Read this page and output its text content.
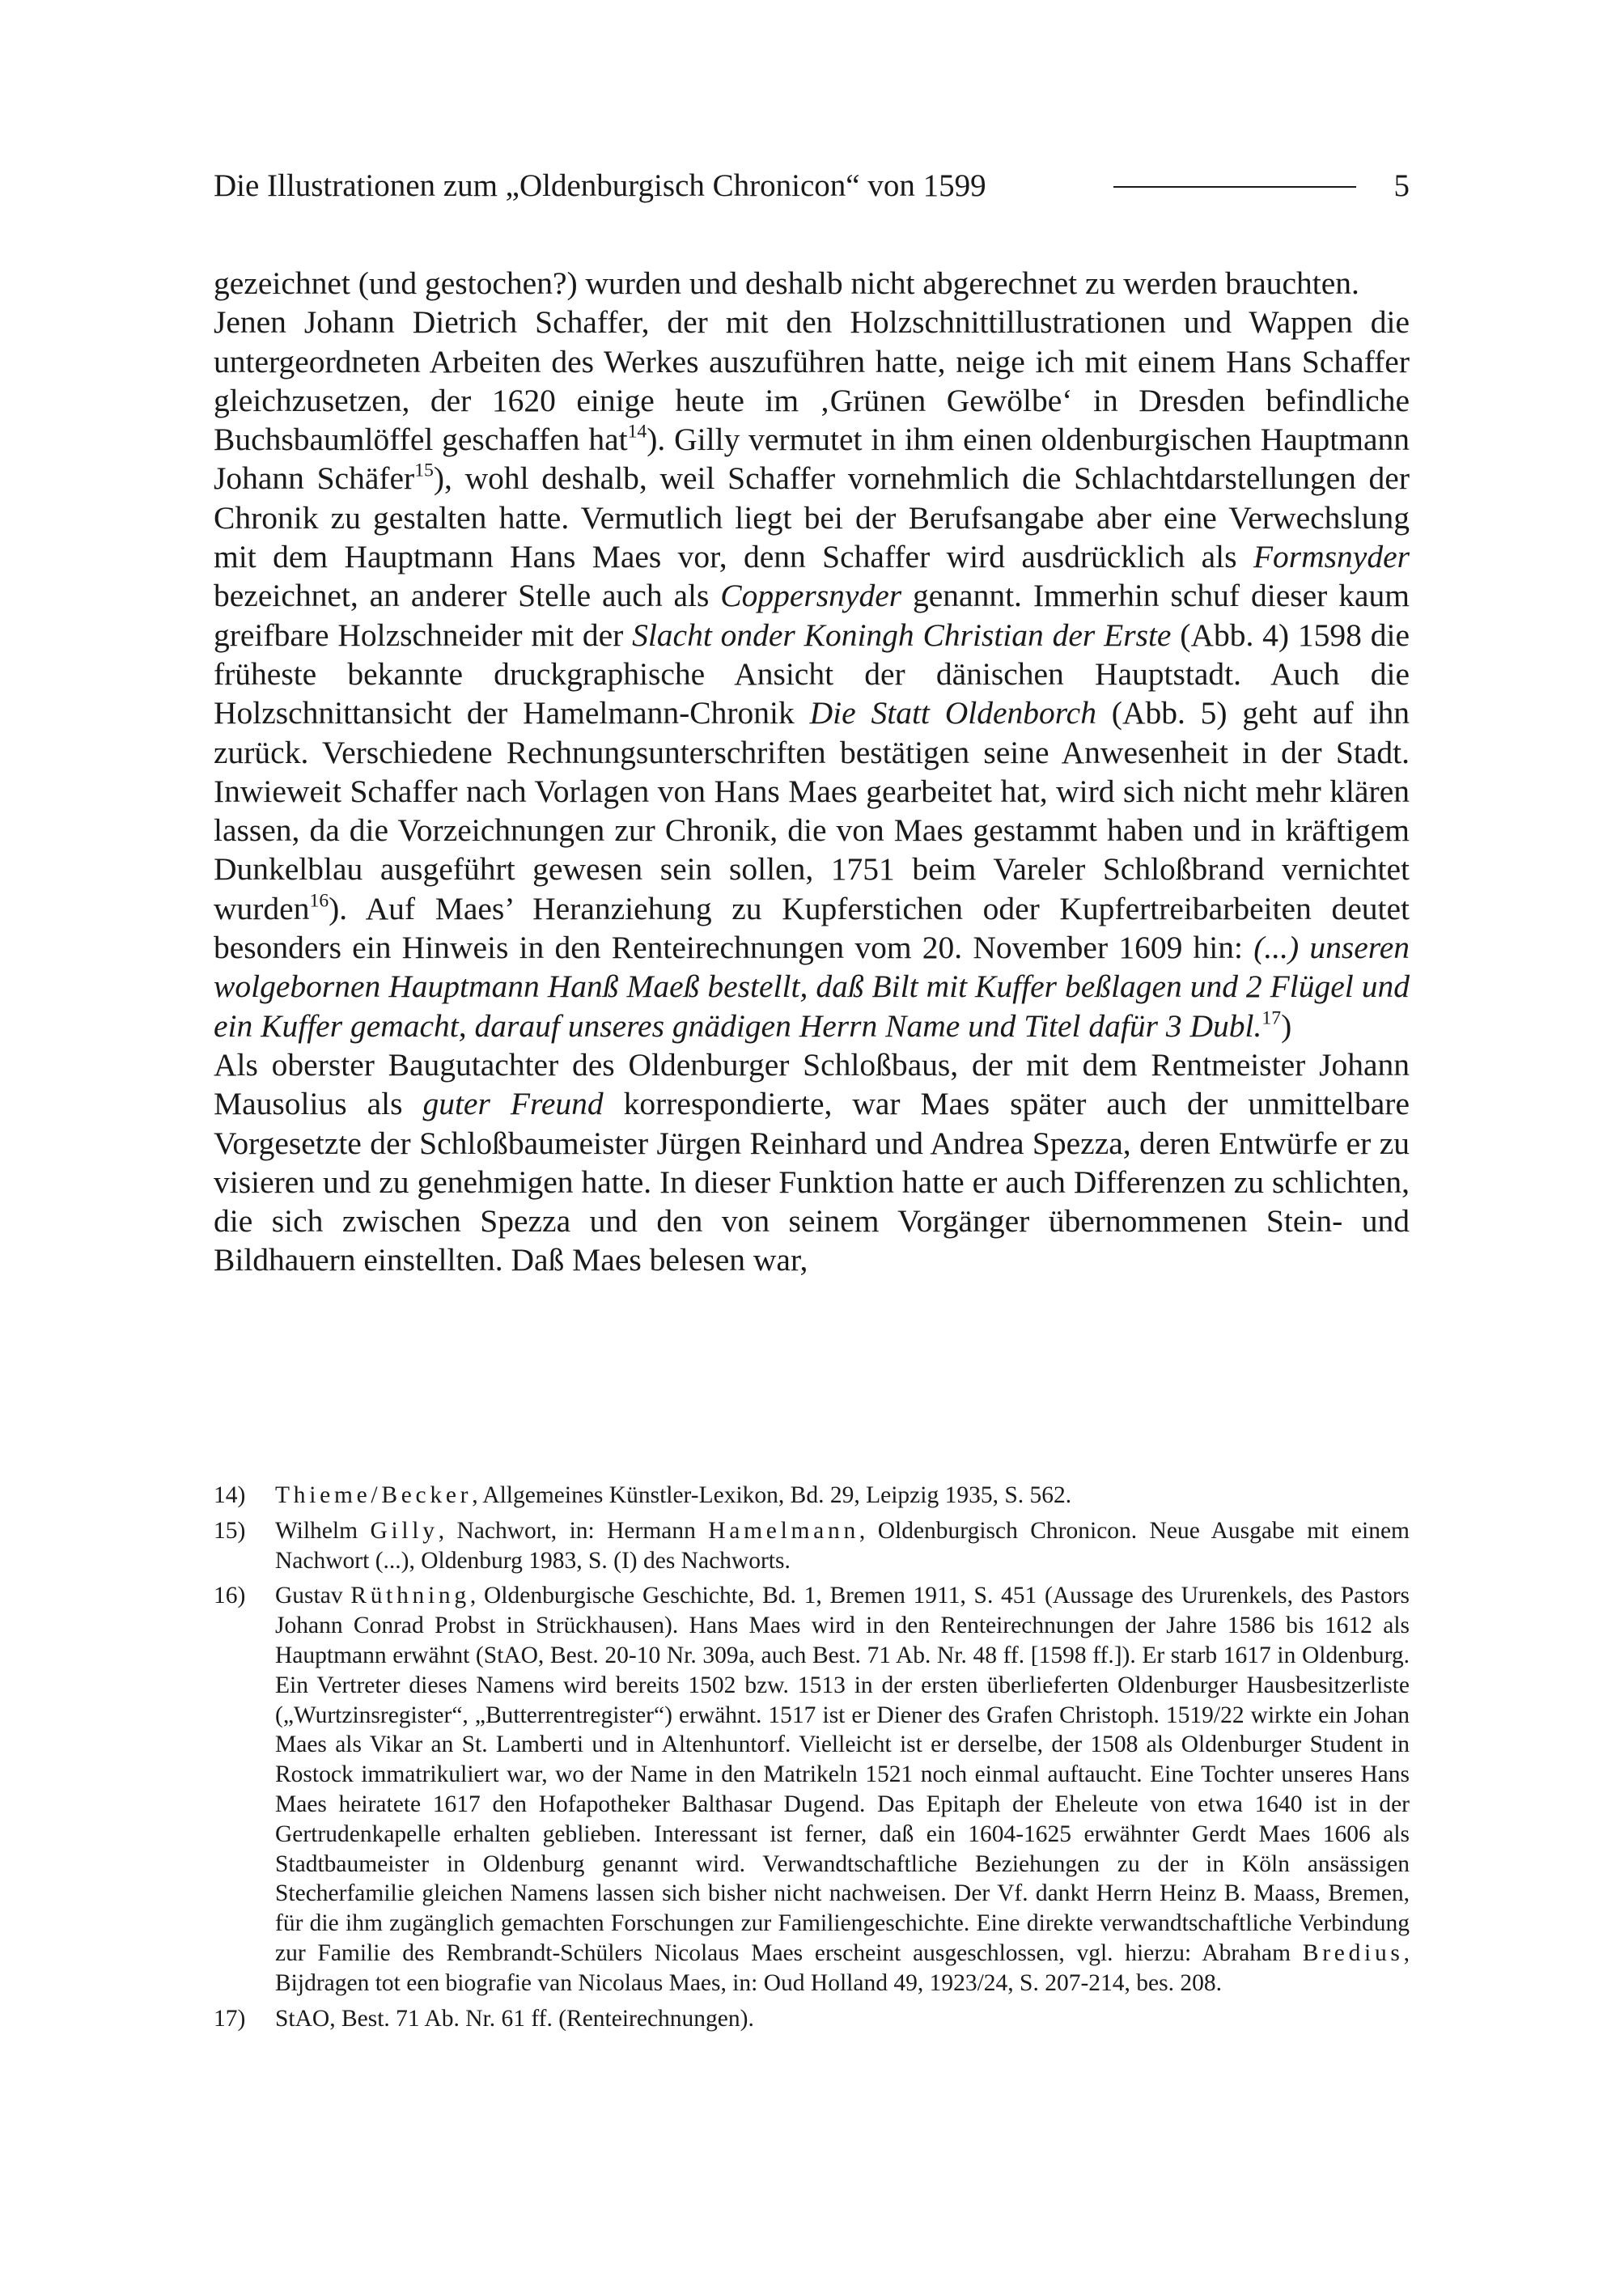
Die Illustrationen zum „Oldenburgisch Chronicon“ von 1599	5

gezeichnet (und gestochen?) wurden und deshalb nicht abgerechnet zu werden brauchten.

Jenen Johann Dietrich Schaffer, der mit den Holzschnittillustrationen und Wappen die untergeordneten Arbeiten des Werkes auszuführen hatte, neige ich mit einem Hans Schaffer gleichzusetzen, der 1620 einige heute im ‚Grünen Gewölbe‘ in Dresden befindliche Buchsbaumlöffel geschaffen hat$^{14}$). Gilly vermutet in ihm einen oldenburgischen Hauptmann Johann Schäfer$^{15}$), wohl deshalb, weil Schaffer vornehmlich die Schlachtdarstellungen der Chronik zu gestalten hatte. Vermutlich liegt bei der Berufsangabe aber eine Verwechslung mit dem Hauptmann Hans Maes vor, denn Schaffer wird ausdrücklich als Formsnyder bezeichnet, an anderer Stelle auch als Coppersnyder genannt. Immerhin schuf dieser kaum greifbare Holzschneider mit der Slacht onder Koningh Christian der Erste (Abb. 4) 1598 die früheste bekannte druckgraphische Ansicht der dänischen Hauptstadt. Auch die Holzschnittansicht der Hamelmann-Chronik Die Statt Oldenborch (Abb. 5) geht auf ihn zurück. Verschiedene Rechnungsunterschriften bestätigen seine Anwesenheit in der Stadt. Inwieweit Schaffer nach Vorlagen von Hans Maes gearbeitet hat, wird sich nicht mehr klären lassen, da die Vorzeichnungen zur Chronik, die von Maes gestammt haben und in kräftigem Dunkelblau ausgeführt gewesen sein sollen, 1751 beim Vareler Schloßbrand vernichtet wurden$^{16}$). Auf Maes’ Heranziehung zu Kupferstichen oder Kupfertreibarbeiten deutet besonders ein Hinweis in den Renteirechnungen vom 20. November 1609 hin: (...) unseren wolgebornen Hauptmann Hanß Maeß bestellt, daß Bilt mit Kuffer beßlagen und 2 Flügel und ein Kuffer gemacht, darauf unseres gnädigen Herrn Name und Titel dafür 3 Dubl.$^{17}$)

Als oberster Baugutachter des Oldenburger Schloßbaus, der mit dem Rentmeister Johann Mausolius als guter Freund korrespondierte, war Maes später auch der unmittelbare Vorgesetzte der Schloßbaumeister Jürgen Reinhard und Andrea Spezza, deren Entwürfe er zu visieren und zu genehmigen hatte. In dieser Funktion hatte er auch Differenzen zu schlichten, die sich zwischen Spezza und den von seinem Vorgänger übernommenen Stein- und Bildhauern einstellten. Daß Maes belesen war,

14) Thieme/Becker, Allgemeines Künstler-Lexikon, Bd. 29, Leipzig 1935, S. 562.
15) Wilhelm Gilly, Nachwort, in: Hermann Hamelmann, Oldenburgisch Chronicon. Neue Ausgabe mit einem Nachwort (...), Oldenburg 1983, S. (I) des Nachworts.
16) Gustav Rüthning, Oldenburgische Geschichte, Bd. 1, Bremen 1911, S. 451 (Aussage des Ururenkels, des Pastors Johann Conrad Probst in Strückhausen). Hans Maes wird in den Renteirechnungen der Jahre 1586 bis 1612 als Hauptmann erwähnt (StAO, Best. 20-10 Nr. 309a, auch Best. 71 Ab. Nr. 48 ff. [1598 ff.]). Er starb 1617 in Oldenburg. Ein Vertreter dieses Namens wird bereits 1502 bzw. 1513 in der ersten überlieferten Oldenburger Hausbesitzerliste („Wurtzinsregister“, „Butterrentregister“) erwähnt. 1517 ist er Diener des Grafen Christoph. 1519/22 wirkte ein Johan Maes als Vikar an St. Lamberti und in Altenhuntorf. Vielleicht ist er derselbe, der 1508 als Oldenburger Student in Rostock immatrikuliert war, wo der Name in den Matrikeln 1521 noch einmal auftaucht. Eine Tochter unseres Hans Maes heiratete 1617 den Hofapotheker Balthasar Dugend. Das Epitaph der Eheleute von etwa 1640 ist in der Gertrudenkapelle erhalten geblieben. Interessant ist ferner, daß ein 1604-1625 erwähnter Gerdt Maes 1606 als Stadtbaumeister in Oldenburg genannt wird. Verwandtschaftliche Beziehungen zu der in Köln ansässigen Stecherfamilie gleichen Namens lassen sich bisher nicht nachweisen. Der Vf. dankt Herrn Heinz B. Maass, Bremen, für die ihm zugänglich gemachten Forschungen zur Familiengeschichte. Eine direkte verwandtschaftliche Verbindung zur Familie des Rembrandt-Schülers Nicolaus Maes erscheint ausgeschlossen, vgl. hierzu: Abraham Bredius, Bijdragen tot een biografie van Nicolaus Maes, in: Oud Holland 49, 1923/24, S. 207-214, bes. 208.
17) StAO, Best. 71 Ab. Nr. 61 ff. (Renteirechnungen).
